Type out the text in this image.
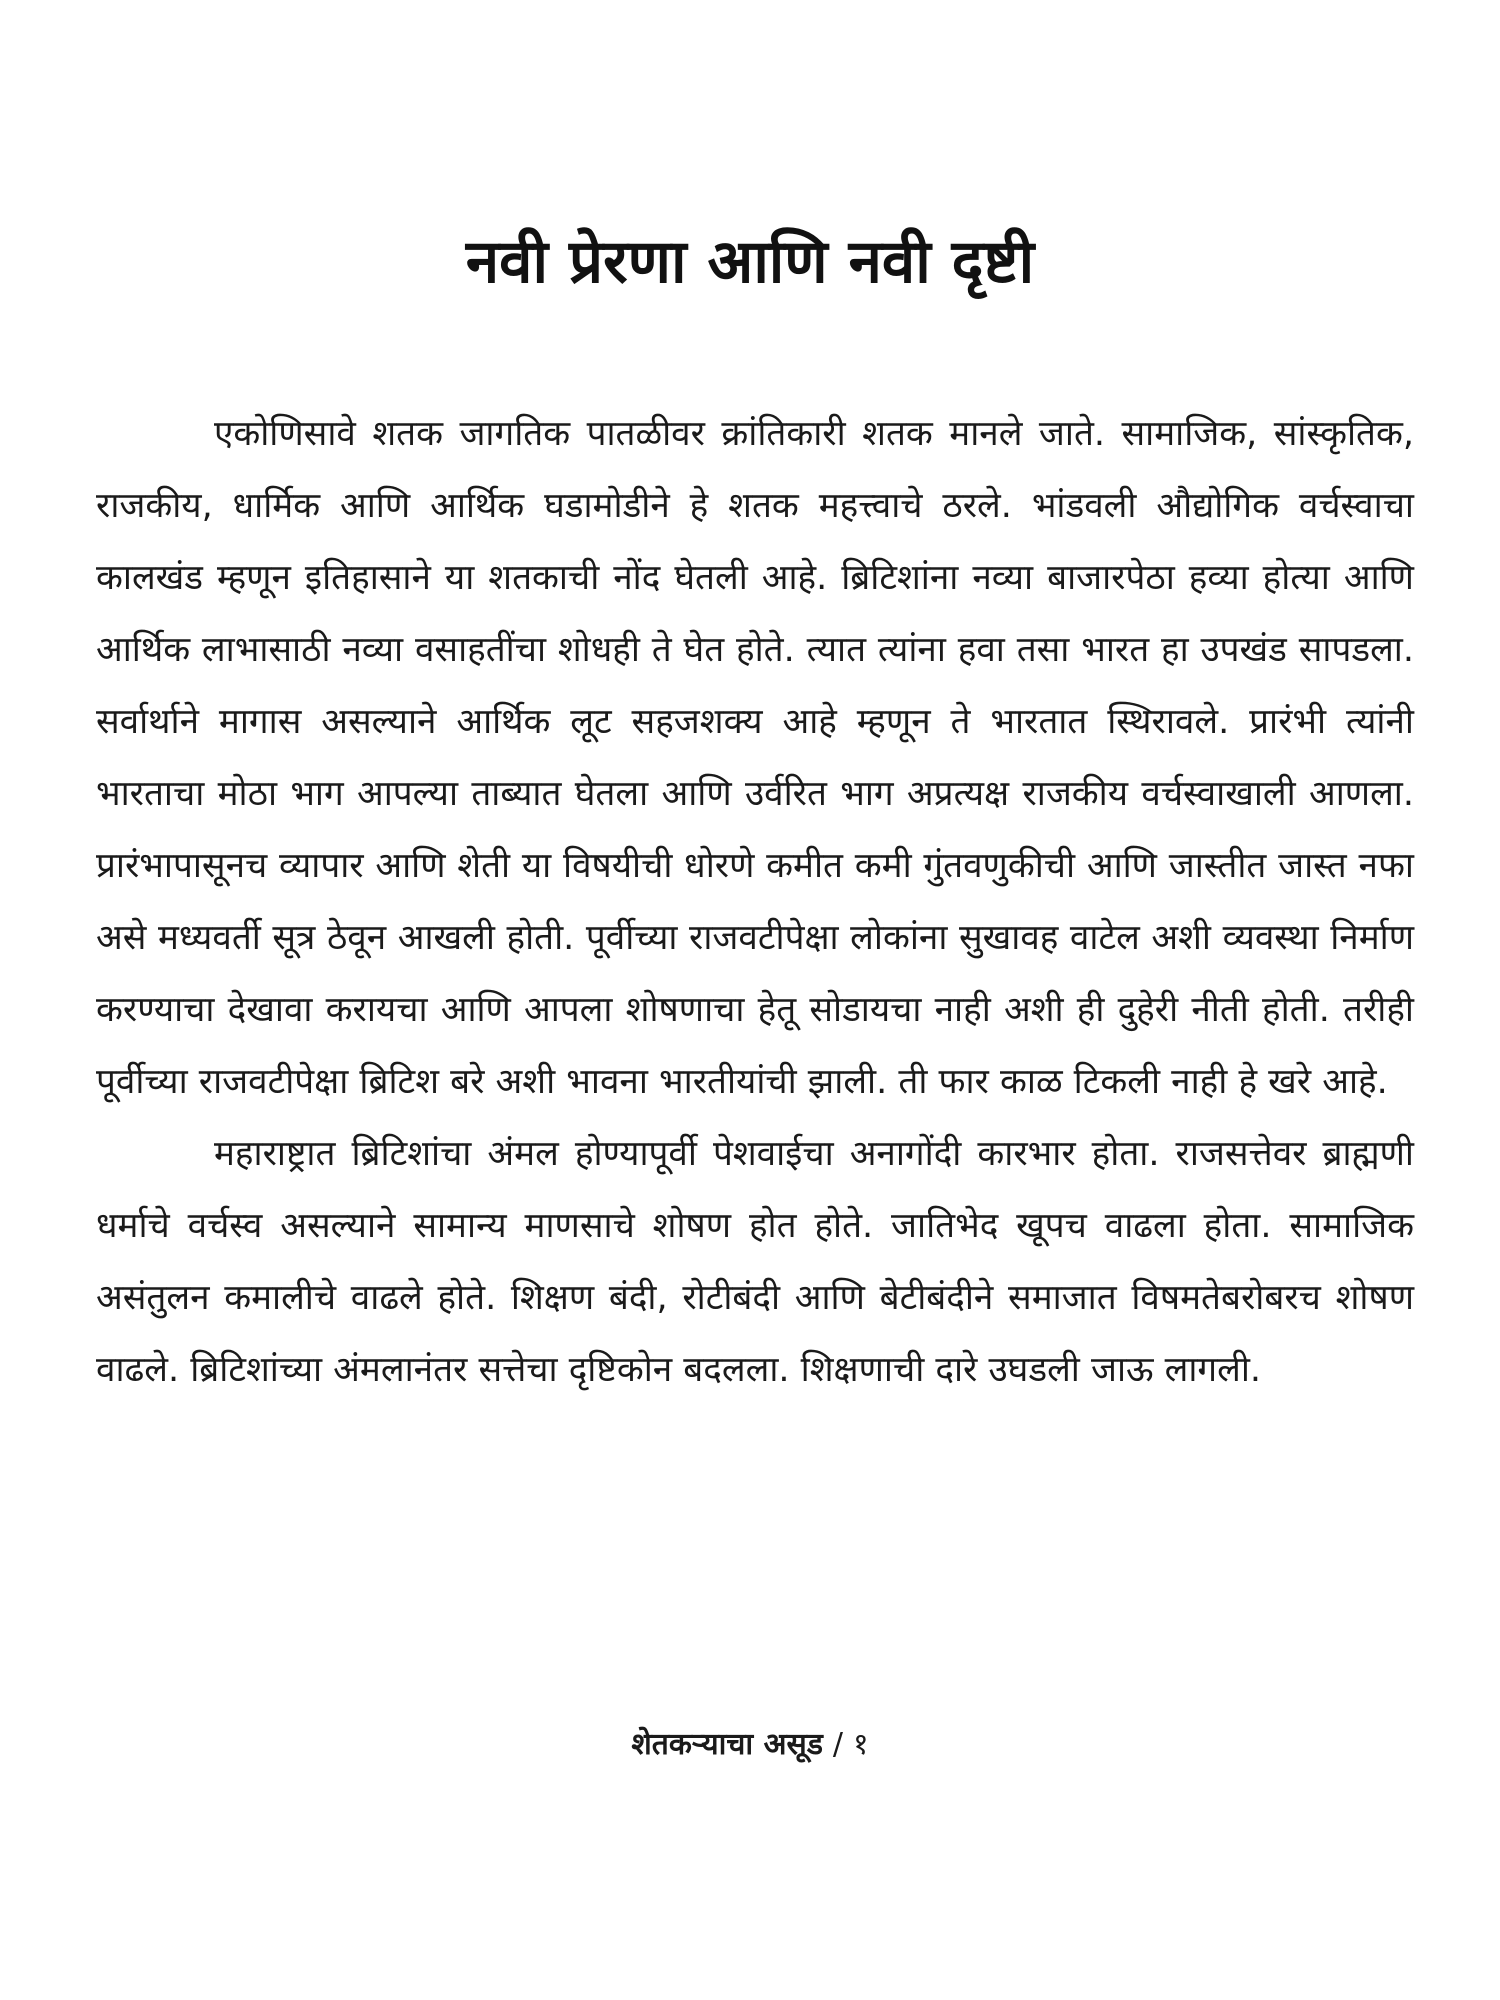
नवी प्रेरणा आणि नवी दृष्टी

एकोणिसावे शतक जागतिक पातळीवर क्रांतिकारी शतक मानले जाते. सामाजिक, सांस्कृतिक, राजकीय, धार्मिक आणि आर्थिक घडामोडीने हे शतक महत्त्वाचे ठरले. भांडवली औद्योगिक वर्चस्वाचा कालखंड म्हणून इतिहासाने या शतकाची नोंद घेतली आहे. ब्रिटिशांना नव्या बाजारपेठा हव्या होत्या आणि आर्थिक लाभासाठी नव्या वसाहतींचा शोधही ते घेत होते. त्यात त्यांना हवा तसा भारत हा उपखंड सापडला. सर्वार्थाने मागास असल्याने आर्थिक लूट सहजशक्य आहे म्हणून ते भारतात स्थिरावले. प्रारंभी त्यांनी भारताचा मोठा भाग आपल्या ताब्यात घेतला आणि उर्वरित भाग अप्रत्यक्ष राजकीय वर्चस्वाखाली आणला. प्रारंभापासूनच व्यापार आणि शेती या विषयीची धोरणे कमीत कमी गुंतवणुकीची आणि जास्तीत जास्त नफा असे मध्यवर्ती सूत्र ठेवून आखली होती. पूर्वीच्या राजवटीपेक्षा लोकांना सुखावह वाटेल अशी व्यवस्था निर्माण करण्याचा देखावा करायचा आणि आपला शोषणाचा हेतू सोडायचा नाही अशी ही दुहेरी नीती होती. तरीही पूर्वीच्या राजवटीपेक्षा ब्रिटिश बरे अशी भावना भारतीयांची झाली. ती फार काळ टिकली नाही हे खरे आहे.

महाराष्ट्रात ब्रिटिशांचा अंमल होण्यापूर्वी पेशवाईचा अनागोंदी कारभार होता. राजसत्तेवर ब्राह्मणी धर्माचे वर्चस्व असल्याने सामान्य माणसाचे शोषण होत होते. जातिभेद खूपच वाढला होता. सामाजिक असंतुलन कमालीचे वाढले होते. शिक्षण बंदी, रोटीबंदी आणि बेटीबंदीने समाजात विषमतेबरोबरच शोषण वाढले. ब्रिटिशांच्या अंमलानंतर सत्तेचा दृष्टिकोन बदलला. शिक्षणाची दारे उघडली जाऊ लागली.

शेतकऱ्याचा असूड / १
